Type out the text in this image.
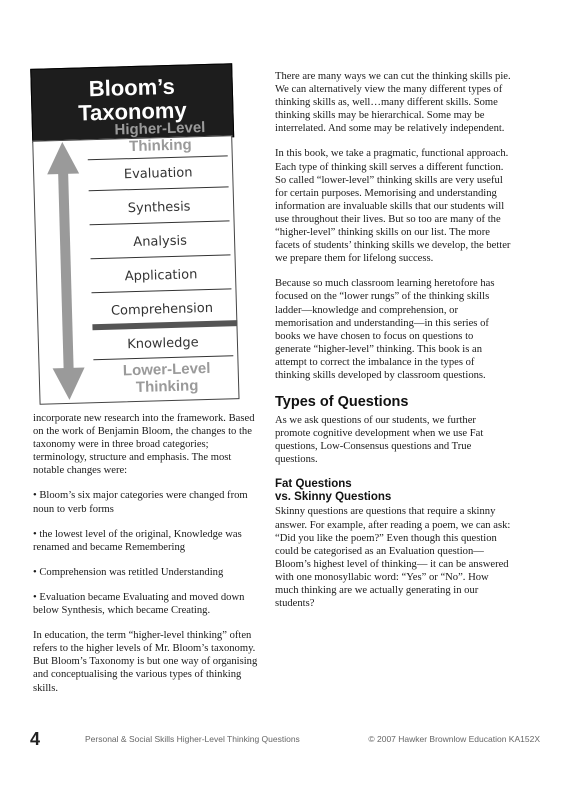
Bloom’s
Taxonomy
Higher-Level
Thinking
Evaluation
Synthesis
Analysis
Application
Comprehension
Knowledge
Lower-Level
Thinking

incorporate new research into the framework. Based on the work of Benjamin Bloom, the changes to the taxonomy were in three broad categories; terminology, structure and emphasis. The most notable changes were:

• Bloom’s six major categories were changed from noun to verb forms

• the lowest level of the original, Knowledge was renamed and became Remembering

• Comprehension was retitled Understanding

• Evaluation became Evaluating and moved down below Synthesis, which became Creating.

In education, the term “higher-level thinking” often refers to the higher levels of Mr. Bloom’s taxonomy. But Bloom’s Taxonomy is but one way of organising and conceptualising the various types of thinking skills.

There are many ways we can cut the thinking skills pie. We can alternatively view the many different types of thinking skills as, well…many different skills. Some thinking skills may be hierarchical. Some may be interrelated. And some may be relatively independent.

In this book, we take a pragmatic, functional approach. Each type of thinking skill serves a different function. So called “lower-level” thinking skills are very useful for certain purposes. Memorising and understanding information are invaluable skills that our students will use throughout their lives. But so too are many of the “higher-level” thinking skills on our list. The more facets of students’ thinking skills we develop, the better we prepare them for lifelong success.

Because so much classroom learning heretofore has focused on the “lower rungs” of the thinking skills ladder—knowledge and comprehension, or memorisation and understanding—in this series of books we have chosen to focus on questions to generate “higher-level” thinking. This book is an attempt to correct the imbalance in the types of thinking skills developed by classroom questions.

Types of Questions

As we ask questions of our students, we further promote cognitive development when we use Fat questions, Low-Consensus questions and True questions.

Fat Questions
vs. Skinny Questions

Skinny questions are questions that require a skinny answer. For example, after reading a poem, we can ask: “Did you like the poem?” Even though this question could be categorised as an Evaluation question—Bloom’s highest level of thinking— it can be answered with one monosyllabic word: “Yes” or “No”. How much thinking are we actually generating in our students?

4	Personal & Social Skills Higher-Level Thinking Questions	© 2007 Hawker Brownlow Education KA152X
